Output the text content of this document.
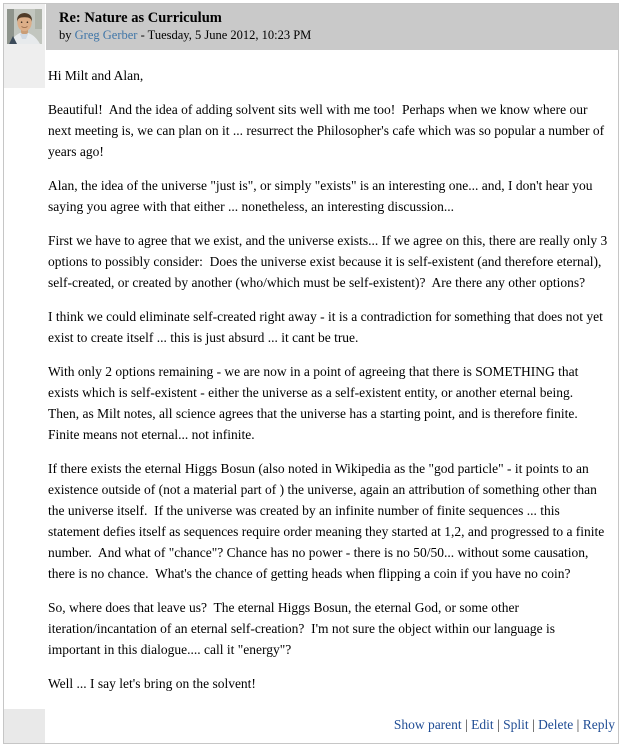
Re: Nature as Curriculum
by Greg Gerber - Tuesday, 5 June 2012, 10:23 PM

Hi Milt and Alan,

Beautiful!  And the idea of adding solvent sits well with me too!  Perhaps when we know where our next meeting is, we can plan on it ... resurrect the Philosopher's cafe which was so popular a number of years ago!

Alan, the idea of the universe "just is", or simply "exists" is an interesting one... and, I don't hear you saying you agree with that either ... nonetheless, an interesting discussion...

First we have to agree that we exist, and the universe exists... If we agree on this, there are really only 3 options to possibly consider:  Does the universe exist because it is self-existent (and therefore eternal), self-created, or created by another (who/which must be self-existent)?  Are there any other options?

I think we could eliminate self-created right away - it is a contradiction for something that does not yet exist to create itself ... this is just absurd ... it cant be true.

With only 2 options remaining - we are now in a point of agreeing that there is SOMETHING that exists which is self-existent - either the universe as a self-existent entity, or another eternal being.  Then, as Milt notes, all science agrees that the universe has a starting point, and is therefore finite.  Finite means not eternal... not infinite.

If there exists the eternal Higgs Bosun (also noted in Wikipedia as the "god particle" - it points to an existence outside of (not a material part of ) the universe, again an attribution of something other than the universe itself.  If the universe was created by an infinite number of finite sequences ... this statement defies itself as sequences require order meaning they started at 1,2, and progressed to a finite number.  And what of "chance"? Chance has no power - there is no 50/50... without some causation, there is no chance.  What's the chance of getting heads when flipping a coin if you have no coin?

So, where does that leave us?  The eternal Higgs Bosun, the eternal God, or some other iteration/incantation of an eternal self-creation?  I'm not sure the object within our language is important in this dialogue.... call it "energy"?

Well ... I say let's bring on the solvent!

Show parent | Edit | Split | Delete | Reply
